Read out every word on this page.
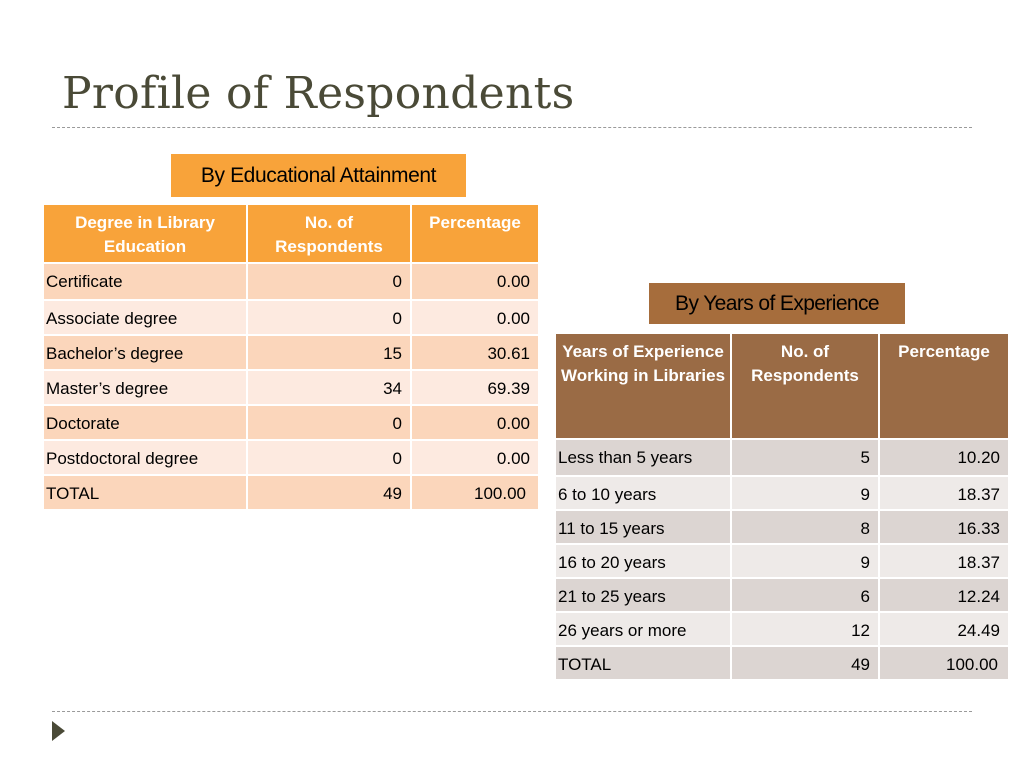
Profile of Respondents
By Educational Attainment
Degree in Library Education	No. of Respondents	Percentage
Certificate	0	0.00
Associate degree	0	0.00
Bachelor’s degree	15	30.61
Master’s degree	34	69.39
Doctorate	0	0.00
Postdoctoral degree	0	0.00
TOTAL	49	100.00
By Years of Experience
Years of Experience Working in Libraries	No. of Respondents	Percentage
Less than 5 years	5	10.20
6 to 10 years	9	18.37
11 to 15 years	8	16.33
16 to 20 years	9	18.37
21 to 25 years	6	12.24
26 years or more	12	24.49
TOTAL	49	100.00
